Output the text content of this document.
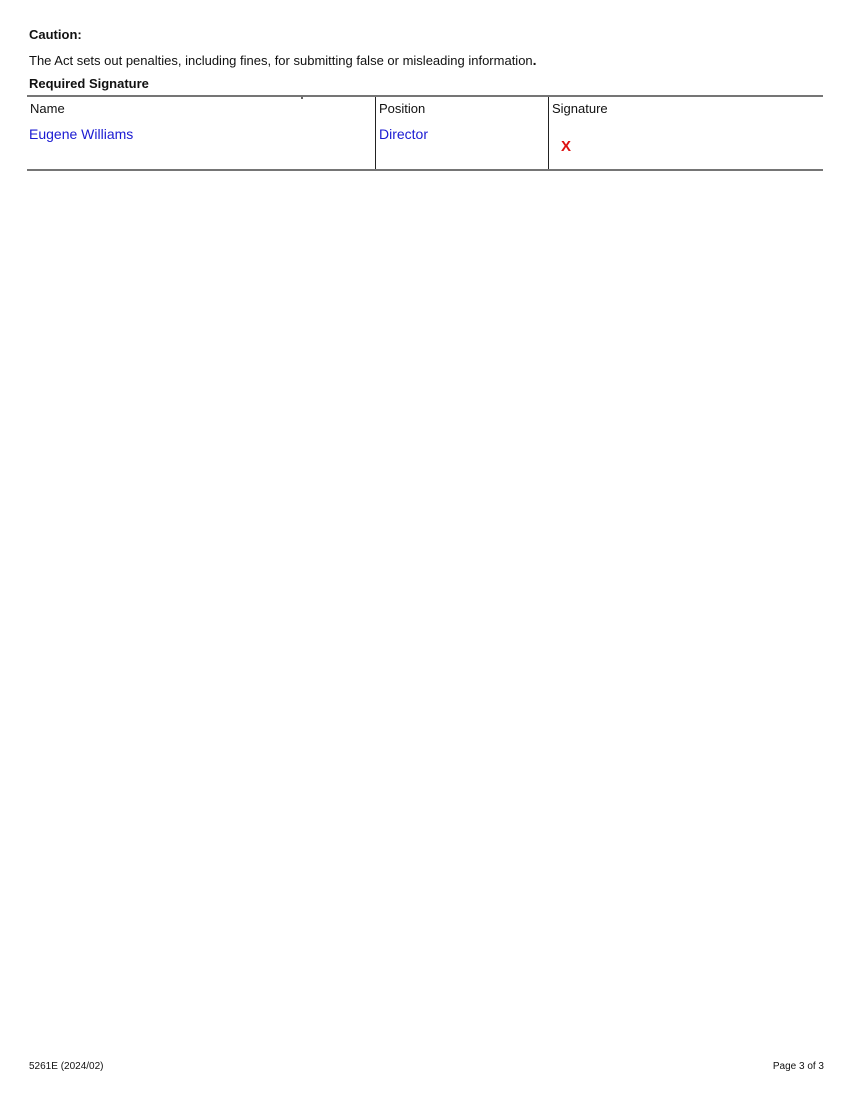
Caution:
The Act sets out penalties, including fines, for submitting false or misleading information.
Required Signature
Name
Eugene Williams
Position
Director
Signature
X
5261E (2024/02)	Page 3 of 3
